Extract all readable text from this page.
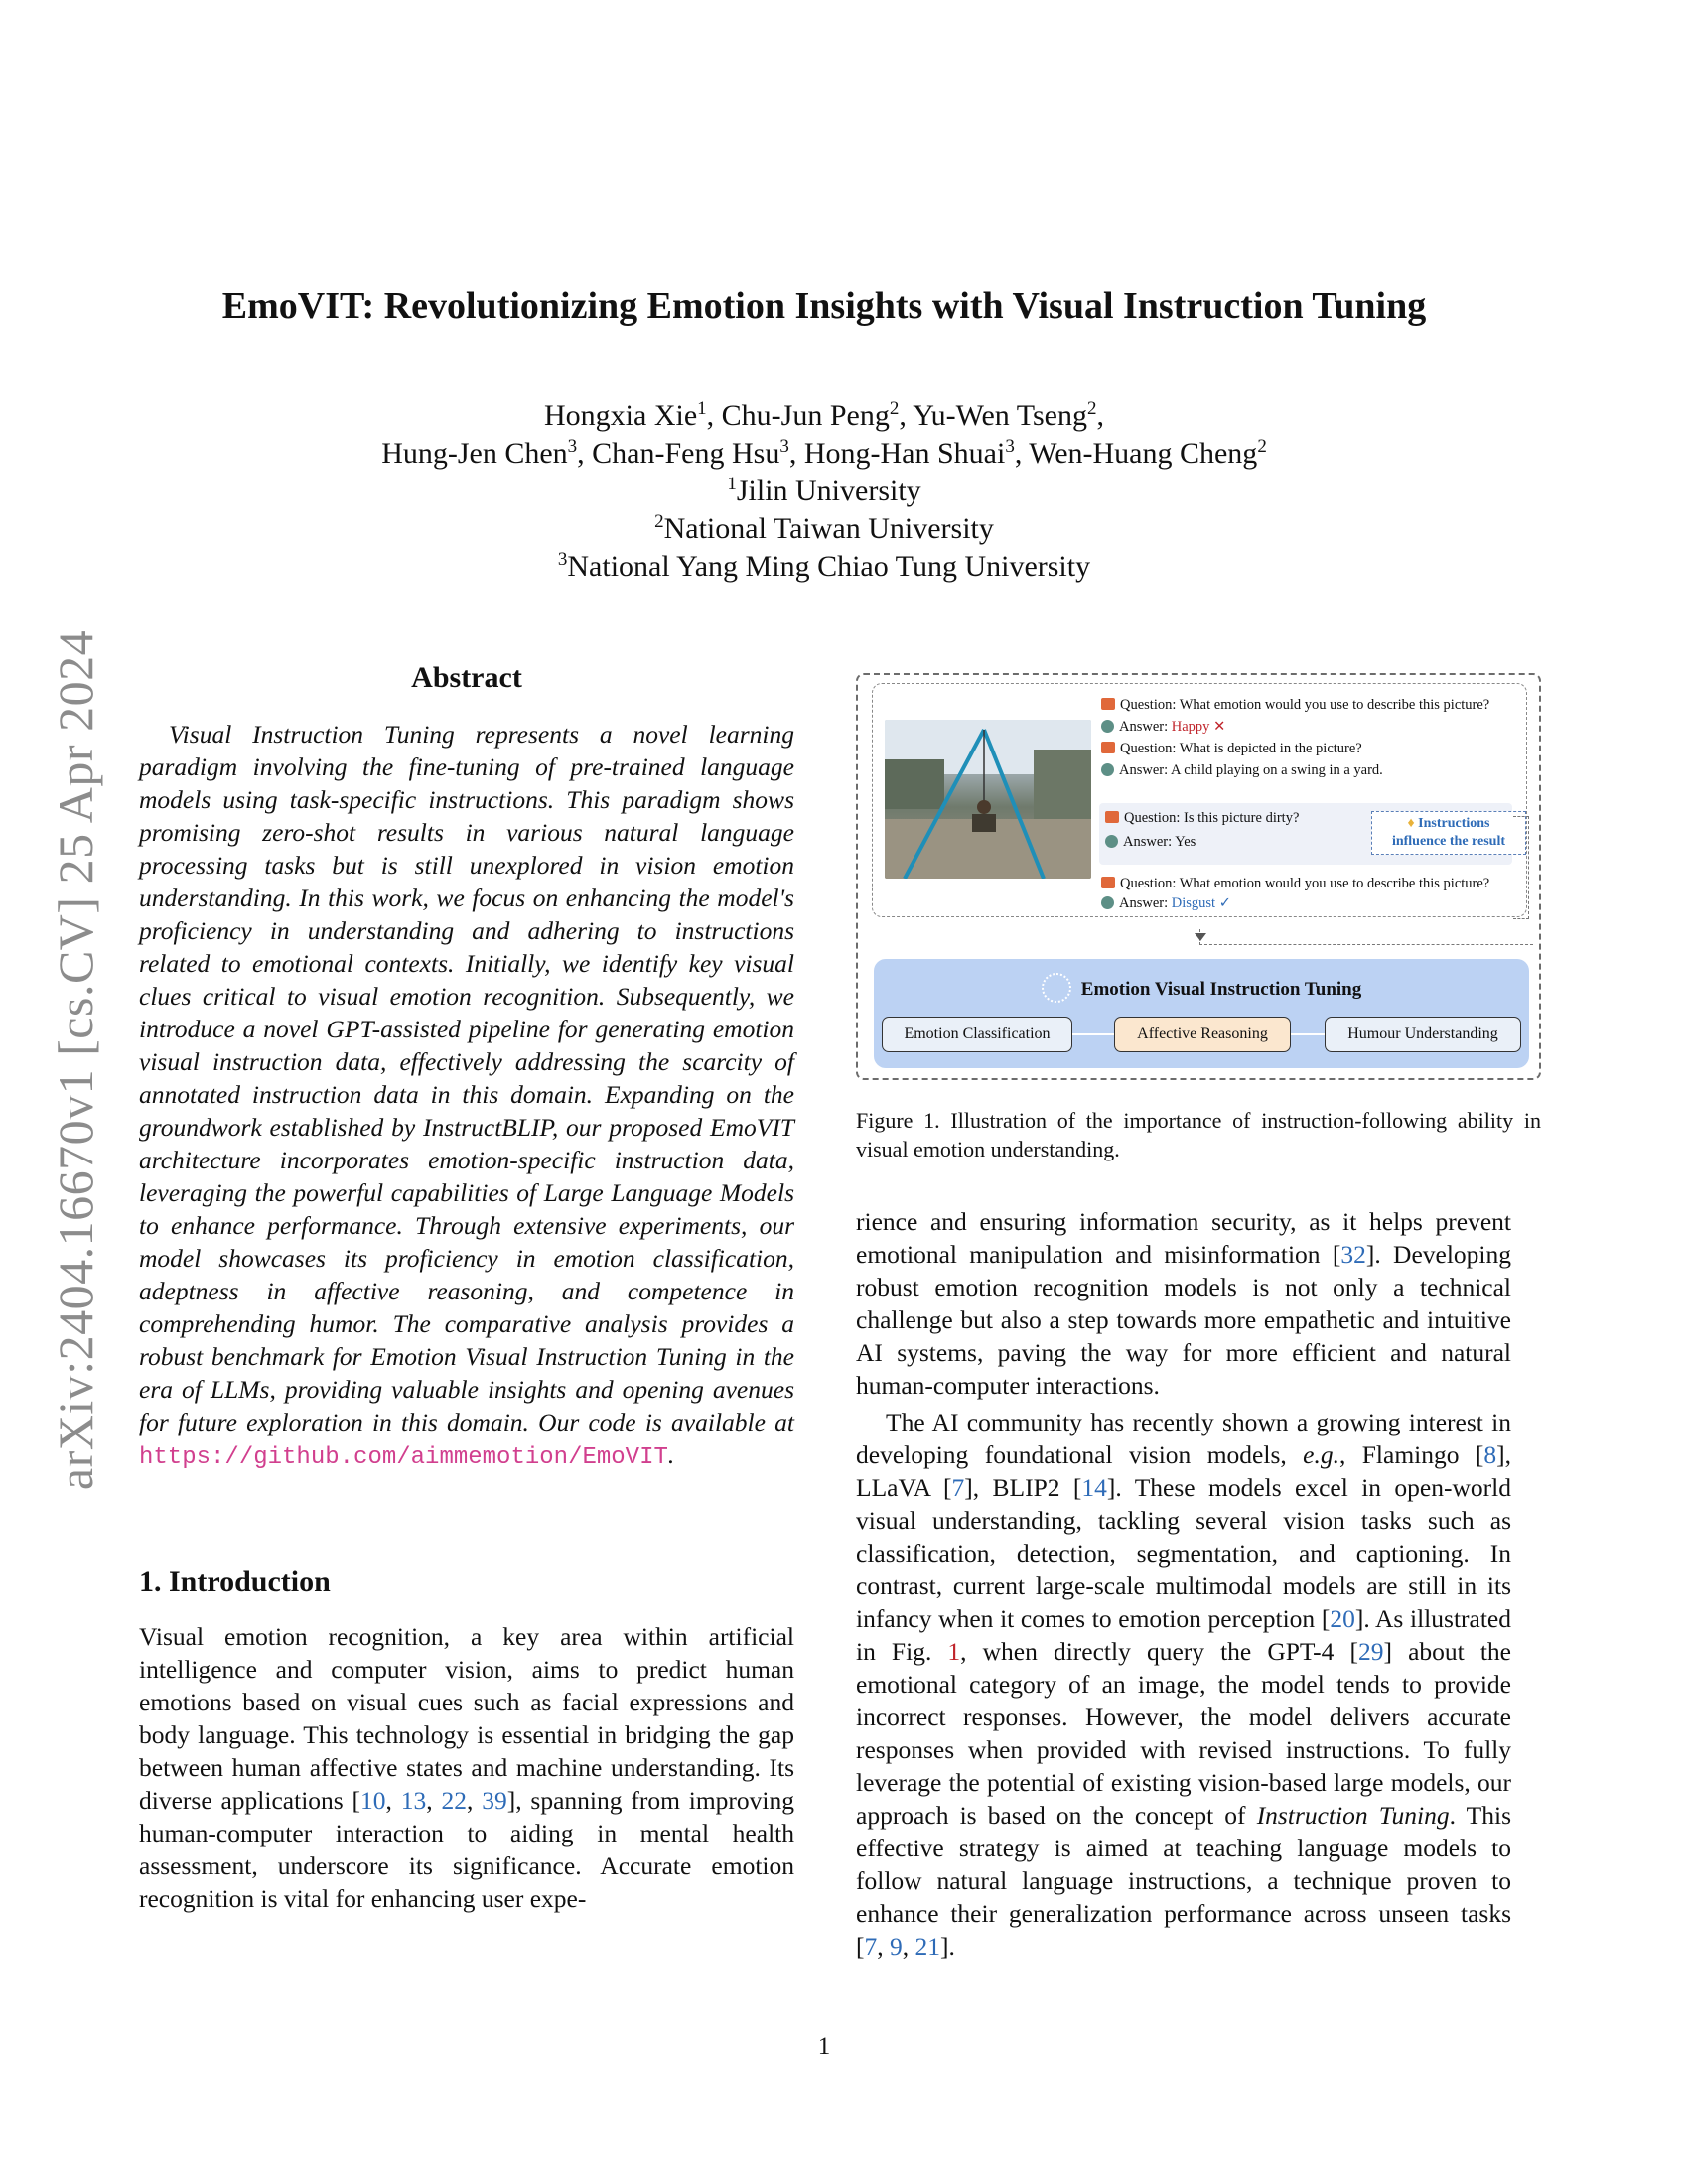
arXiv:2404.16670v1 [cs.CV] 25 Apr 2024
EmoVIT: Revolutionizing Emotion Insights with Visual Instruction Tuning
Hongxia Xie$^1$, Chu-Jun Peng$^2$, Yu-Wen Tseng$^2$,
Hung-Jen Chen$^3$, Chan-Feng Hsu$^3$, Hong-Han Shuai$^3$, Wen-Huang Cheng$^2$
$^1$Jilin University
$^2$National Taiwan University
$^3$National Yang Ming Chiao Tung University
Abstract

Visual Instruction Tuning represents a novel learning paradigm involving the fine-tuning of pre-trained language models using task-specific instructions. This paradigm shows promising zero-shot results in various natural language processing tasks but is still unexplored in vision emotion understanding. In this work, we focus on enhancing the model's proficiency in understanding and adhering to instructions related to emotional contexts. Initially, we identify key visual clues critical to visual emotion recognition. Subsequently, we introduce a novel GPT-assisted pipeline for generating emotion visual instruction data, effectively addressing the scarcity of annotated instruction data in this domain. Expanding on the groundwork established by InstructBLIP, our proposed EmoVIT architecture incorporates emotion-specific instruction data, leveraging the powerful capabilities of Large Language Models to enhance performance. Through extensive experiments, our model showcases its proficiency in emotion classification, adeptness in affective reasoning, and competence in comprehending humor. The comparative analysis provides a robust benchmark for Emotion Visual Instruction Tuning in the era of LLMs, providing valuable insights and opening avenues for future exploration in this domain. Our code is available at https://github.com/aimmemotion/EmoVIT.

1. Introduction

Visual emotion recognition, a key area within artificial intelligence and computer vision, aims to predict human emotions based on visual cues such as facial expressions and body language. This technology is essential in bridging the gap between human affective states and machine understanding. Its diverse applications [10, 13, 22, 39], spanning from improving human-computer interaction to aiding in mental health assessment, underscore its significance. Accurate emotion recognition is vital for enhancing user expe-

Question: What emotion would you use to describe this picture?
Answer: Happy ✕
Question: What is depicted in the picture?
Answer: A child playing on a swing in a yard.
Question: Is this picture dirty?
Answer: Yes
♦ Instructions
influence the result
Question: What emotion would you use to describe this picture?
Answer: Disgust ✓
Emotion Visual Instruction Tuning
Emotion Classification	Affective Reasoning	Humour Understanding
Figure 1. Illustration of the importance of instruction-following ability in visual emotion understanding.

rience and ensuring information security, as it helps prevent emotional manipulation and misinformation [32]. Developing robust emotion recognition models is not only a technical challenge but also a step towards more empathetic and intuitive AI systems, paving the way for more efficient and natural human-computer interactions.

The AI community has recently shown a growing interest in developing foundational vision models, e.g., Flamingo [8], LLaVA [7], BLIP2 [14]. These models excel in open-world visual understanding, tackling several vision tasks such as classification, detection, segmentation, and captioning. In contrast, current large-scale multimodal models are still in its infancy when it comes to emotion perception [20]. As illustrated in Fig. 1, when directly query the GPT-4 [29] about the emotional category of an image, the model tends to provide incorrect responses. However, the model delivers accurate responses when provided with revised instructions. To fully leverage the potential of existing vision-based large models, our approach is based on the concept of Instruction Tuning. This effective strategy is aimed at teaching language models to follow natural language instructions, a technique proven to enhance their generalization performance across unseen tasks [7, 9, 21].

1
